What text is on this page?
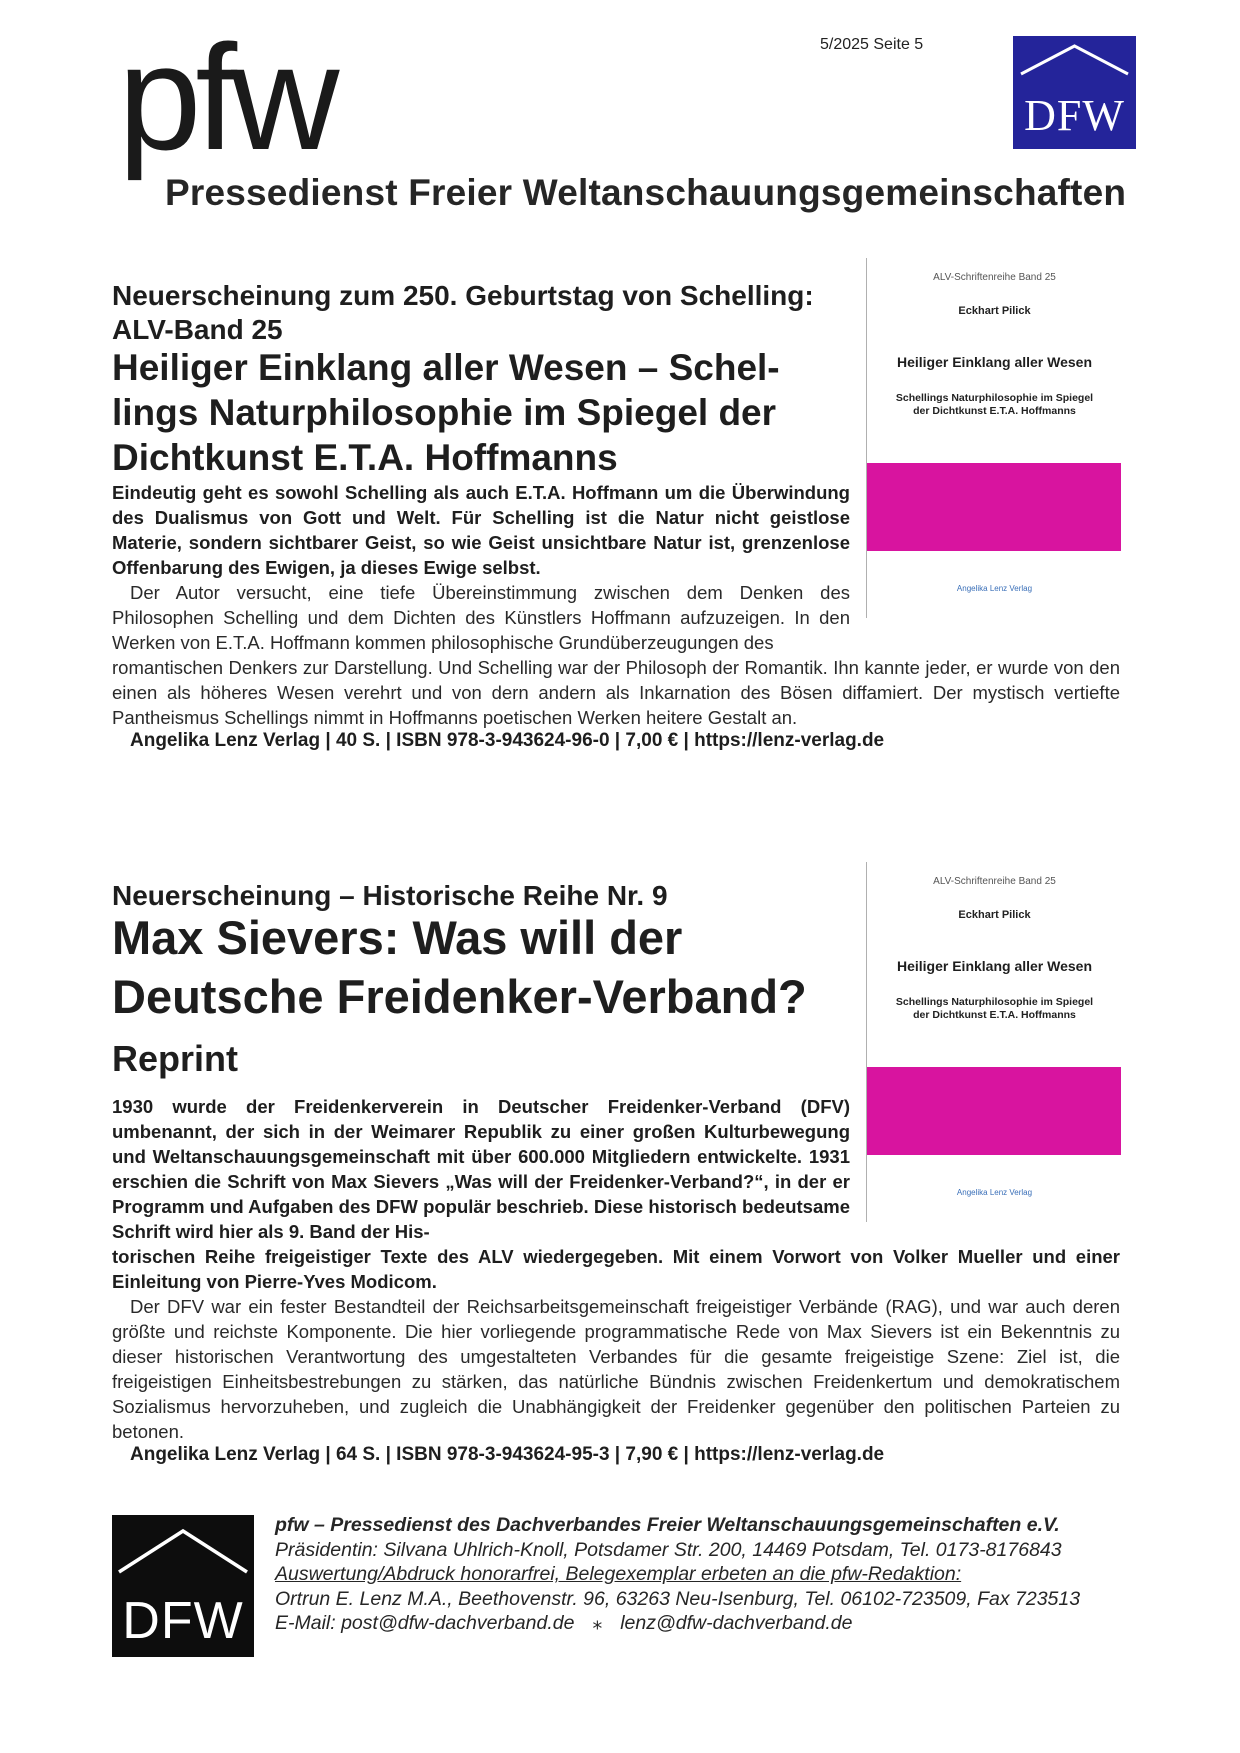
5/2025 Seite 5
pfw
Pressedienst Freier Weltanschauungsgemeinschaften
DFW
Neuerscheinung zum 250. Geburtstag von Schelling:
ALV-Band 25
Heiliger Einklang aller Wesen – Schel-
lings Naturphilosophie im Spiegel der
Dichtkunst E.T.A. Hoffmanns
Eindeutig geht es sowohl Schelling als auch E.T.A. Hoffmann um die Überwindung des Dualismus von Gott und Welt. Für Schelling ist die Natur nicht geistlose Materie, sondern sichtbarer Geist, so wie Geist unsichtbare Natur ist, grenzenlose Offenbarung des Ewigen, ja dieses Ewige selbst.
Der Autor versucht, eine tiefe Übereinstimmung zwischen dem Denken des Philosophen Schelling und dem Dichten des Künstlers Hoffmann aufzuzeigen. In den Werken von E.T.A. Hoffmann kommen philosophische Grundüberzeugungen des
romantischen Denkers zur Darstellung. Und Schelling war der Philosoph der Romantik. Ihn kannte jeder, er wurde von den einen als höheres Wesen verehrt und von dern andern als Inkarnation des Bösen diffamiert. Der mystisch vertiefte Pantheismus Schellings nimmt in Hoffmanns poetischen Werken heitere Gestalt an.
Angelika Lenz Verlag | 40 S. | ISBN 978-3-943624-96-0 | 7,00 € | https://lenz-verlag.de
ALV-Schriftenreihe Band 25
Eckhart Pilick
Heiliger Einklang aller Wesen
Schellings Naturphilosophie im Spiegel
der Dichtkunst E.T.A. Hoffmanns
Angelika Lenz Verlag
Neuerscheinung – Historische Reihe Nr. 9
Max Sievers: Was will der
Deutsche Freidenker-Verband?
Reprint
1930 wurde der Freidenkerverein in Deutscher Freidenker-Verband (DFV) umbenannt, der sich in der Weimarer Republik zu einer großen Kulturbewegung und Weltanschauungsgemeinschaft mit über 600.000 Mitgliedern entwickelte. 1931 erschien die Schrift von Max Sievers „Was will der Freidenker-Verband?“, in der er Programm und Aufgaben des DFW populär beschrieb. Diese historisch bedeutsame Schrift wird hier als 9. Band der His-
torischen Reihe freigeistiger Texte des ALV wiedergegeben. Mit einem Vorwort von Volker Mueller und einer Einleitung von Pierre-Yves Modicom.
Der DFV war ein fester Bestandteil der Reichsarbeitsgemeinschaft freigeistiger Verbände (RAG), und war auch deren größte und reichste Komponente. Die hier vorliegende programmatische Rede von Max Sievers ist ein Bekenntnis zu dieser historischen Verantwortung des umgestalteten Verbandes für die gesamte freigeistige Szene: Ziel ist, die freigeistigen Einheitsbestrebungen zu stärken, das natürliche Bündnis zwischen Freidenkertum und demokratischem Sozialismus hervorzuheben, und zugleich die Unabhängigkeit der Freidenker gegenüber den politischen Parteien zu betonen.
Angelika Lenz Verlag | 64 S. | ISBN 978-3-943624-95-3 | 7,90 € | https://lenz-verlag.de
ALV-Schriftenreihe Band 25
Eckhart Pilick
Heiliger Einklang aller Wesen
Schellings Naturphilosophie im Spiegel
der Dichtkunst E.T.A. Hoffmanns
Angelika Lenz Verlag
DFW
pfw – Pressedienst des Dachverbandes Freier Weltanschauungsgemeinschaften e.V.
Präsidentin: Silvana Uhlrich-Knoll, Potsdamer Str. 200, 14469 Potsdam, Tel. 0173-8176843
Auswertung/Abdruck honorarfrei, Belegexemplar erbeten an die pfw-Redaktion:
Ortrun E. Lenz M.A., Beethovenstr. 96, 63263 Neu-Isenburg, Tel. 06102-723509, Fax 723513
E-Mail: post@dfw-dachverband.de ⁎ lenz@dfw-dachverband.de
